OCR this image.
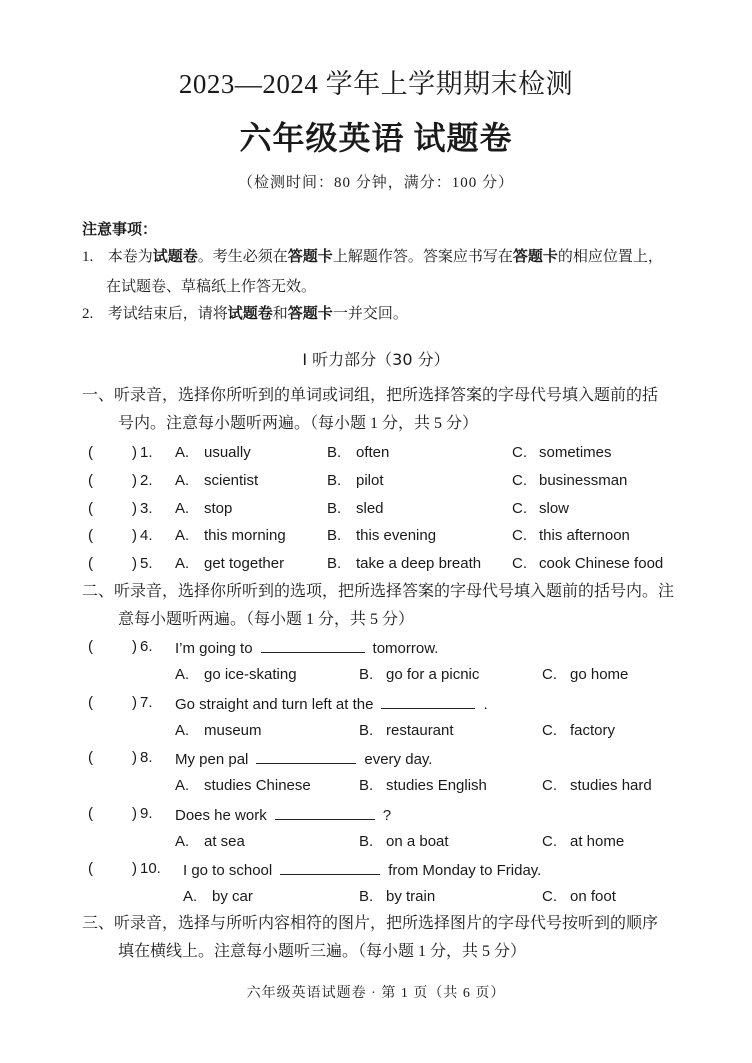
2023—2024 学年上学期期末检测
六年级英语 试题卷
（检测时间：80 分钟，满分：100 分）
注意事项：
1. 本卷为试题卷。考生必须在答题卡上解题作答。答案应书写在答题卡的相应位置上，
在试题卷、草稿纸上作答无效。
2. 考试结束后，请将试题卷和答题卡一并交回。
Ⅰ 听力部分（30 分）
一、听录音，选择你所听到的单词或词组，把所选择答案的字母代号填入题前的括
号内。注意每小题听两遍。（每小题 1 分，共 5 分）
(	) 1. A. usually	B. often	C. sometimes
(	) 2. A. scientist	B. pilot	C. businessman
(	) 3. A. stop	B. sled	C. slow
(	) 4. A. this morning	B. this evening	C. this afternoon
(	) 5. A. get together	B. take a deep breath C. cook Chinese food
二、听录音，选择你所听到的选项，把所选择答案的字母代号填入题前的括号内。注
意每小题听两遍。（每小题 1 分，共 5 分）
(	) 6. I’m going to	tomorrow.
A. go ice-skating	B. go for a picnic	C. go home
(	) 7. Go straight and turn left at the	.
A. museum	B. restaurant	C. factory
(	) 8. My pen pal	every day.
A. studies Chinese	B. studies English	C. studies hard
(	) 9. Does he work	?
A. at sea	B. on a boat	C. at home
(	) 10. I go to school	from Monday to Friday.
A. by car	B. by train	C. on foot
三、听录音，选择与所听内容相符的图片，把所选择图片的字母代号按听到的顺序
填在横线上。注意每小题听三遍。（每小题 1 分，共 5 分）
六年级英语试题卷 · 第 1 页（共 6 页）
